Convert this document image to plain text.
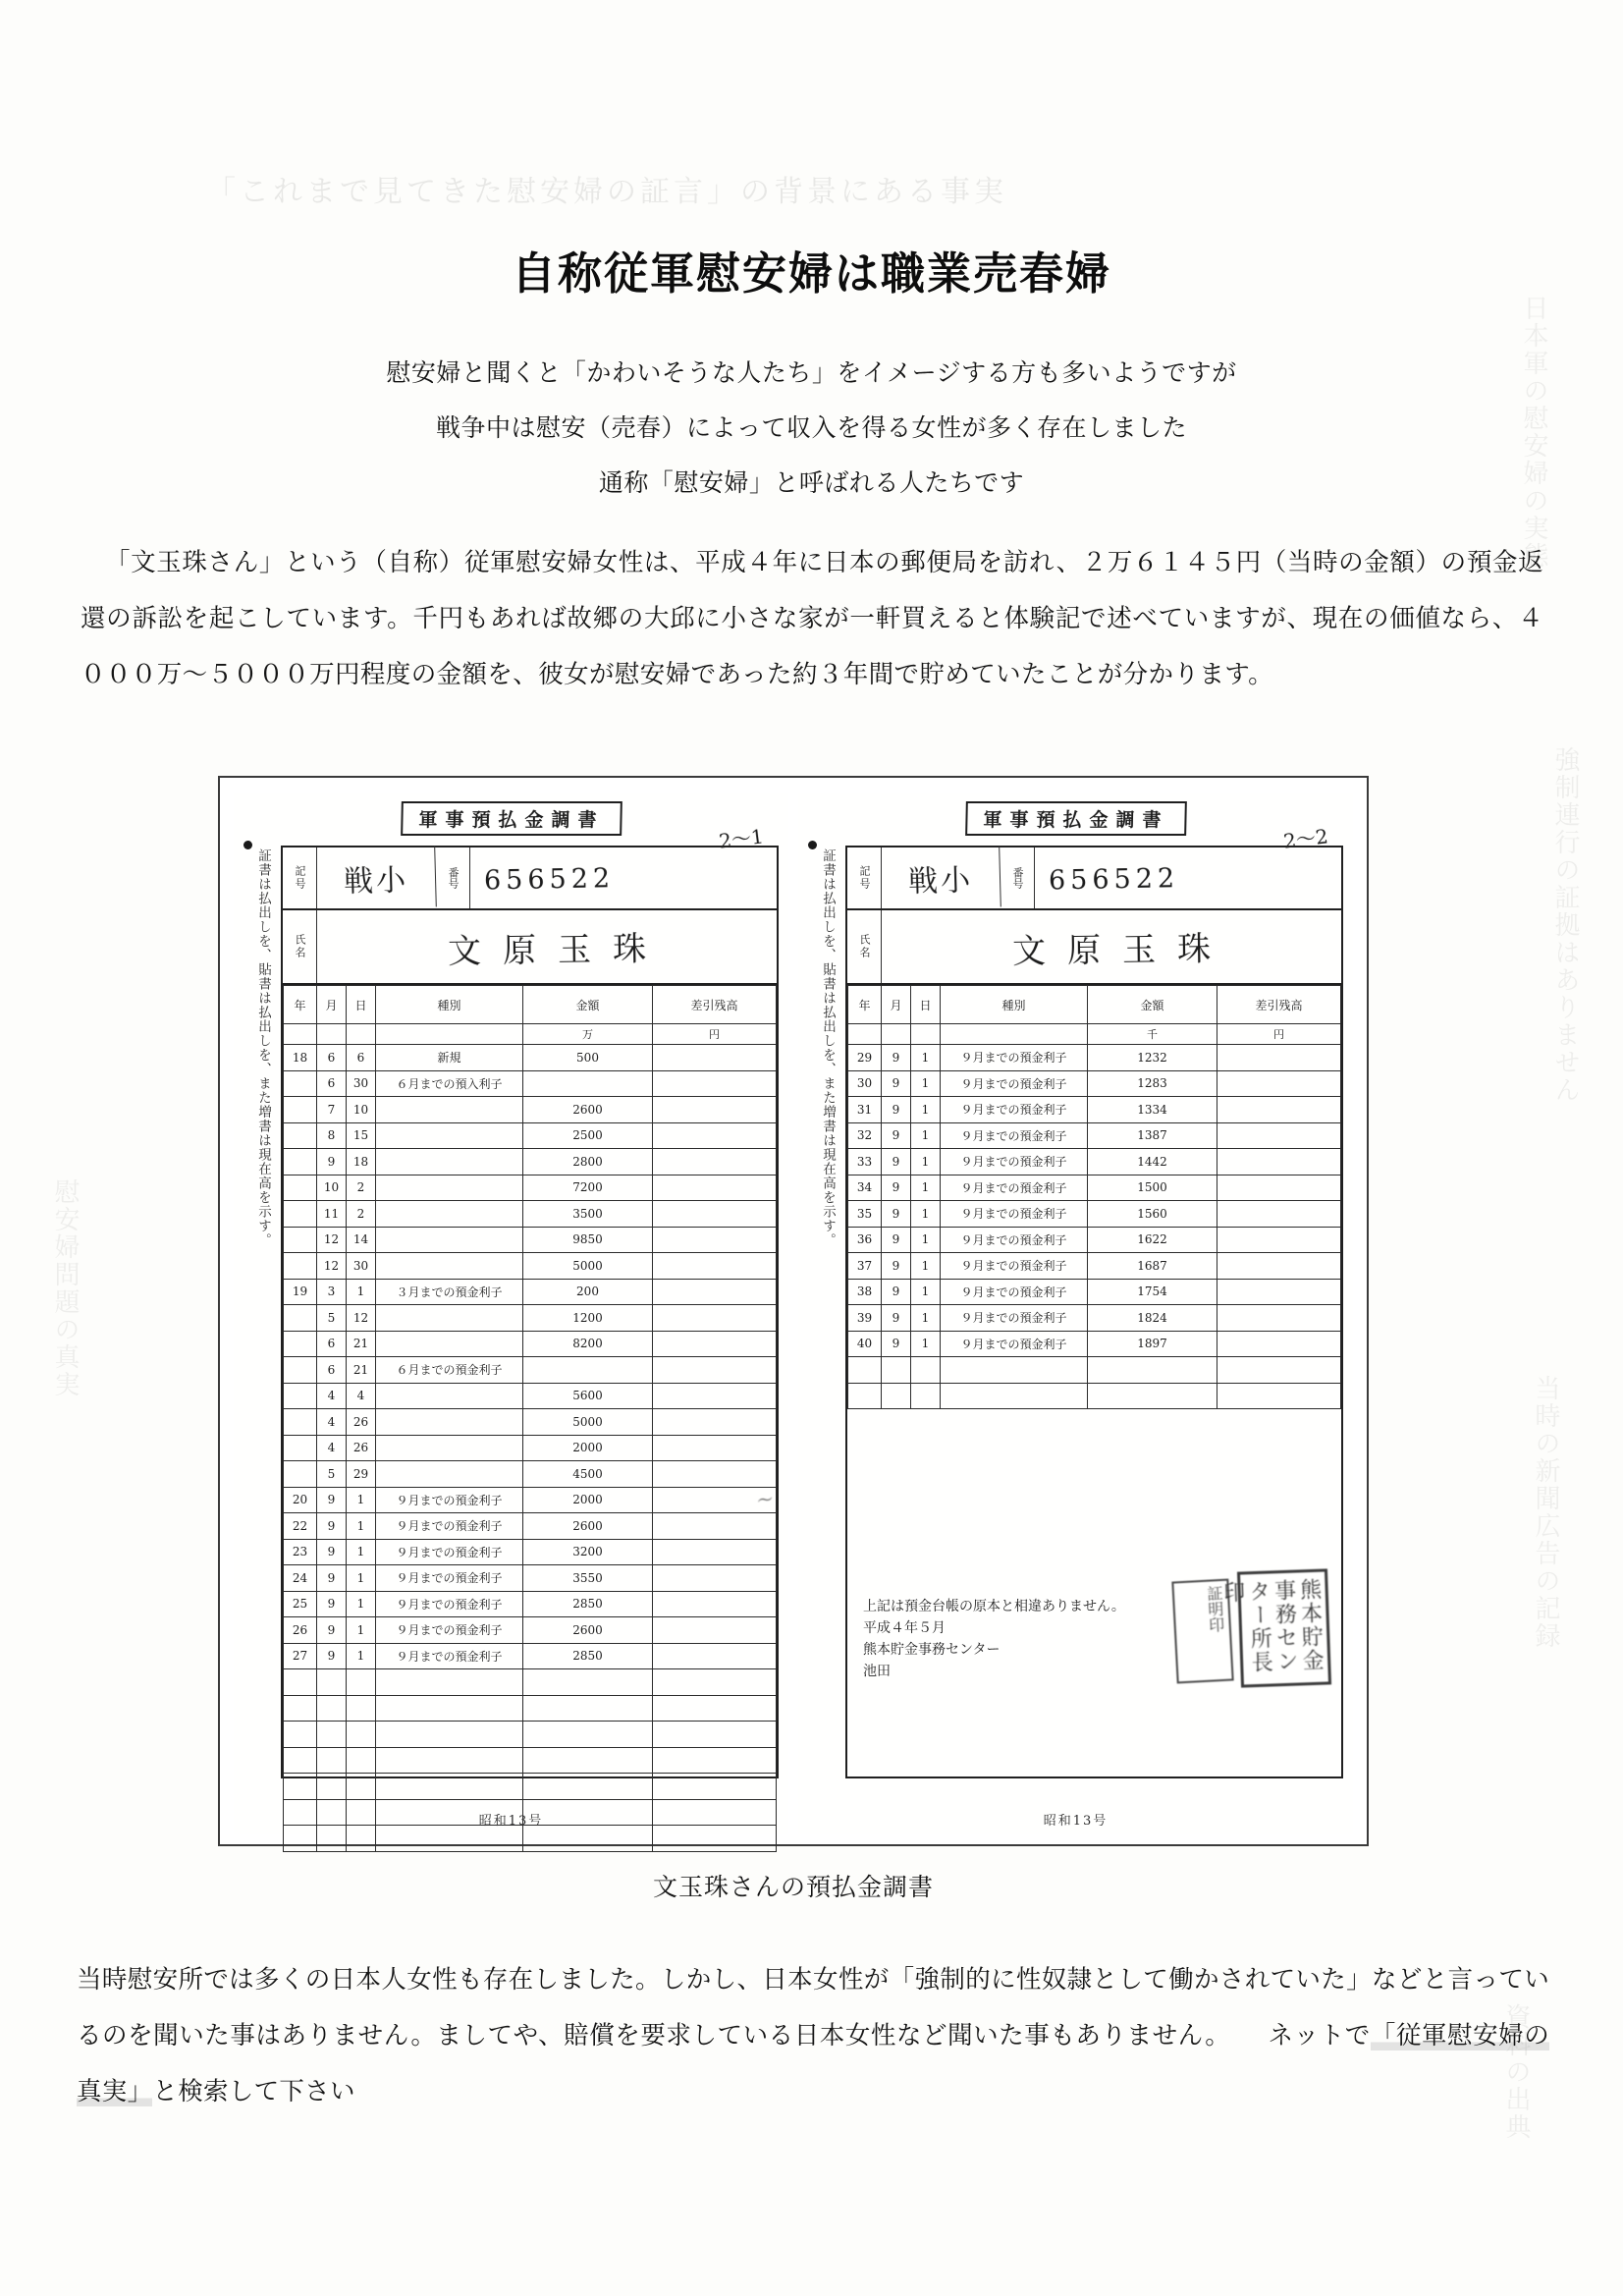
「これまで見てきた慰安婦の証言」の背景にある事実
日本軍の慰安婦の実態
強制連行の証拠はありません
当時の新聞広告の記録
資料の出典
慰安婦問題の真実
自称従軍慰安婦は職業売春婦
慰安婦と聞くと「かわいそうな人たち」をイメージする方も多いようですが
戦争中は慰安（売春）によって収入を得る女性が多く存在しました
通称「慰安婦」と呼ばれる人たちです

「文玉珠さん」という（自称）従軍慰安婦女性は、平成４年に日本の郵便局を訪れ、２万６１４５円（当時の金額）の預金返還の訴訟を起こしています。千円もあれば故郷の大邱に小さな家が一軒買えると体験記で述べていますが、現在の価値なら、４０００万〜５０００万円程度の金額を、彼女が慰安婦であった約３年間で貯めていたことが分かります。

軍事預払金調書
2〜1
証書は払出しを、貼書は払出しを、また増書は現在高を示す。	記号	戦小	番号 656522
氏名	文原玉珠
年	月	日	種別	金額	差引残高
				万	円
18	6	6	新規	500	
	6	30	６月までの預入利子		
	7	10		2600	
	8	15		2500	
	9	18		2800	
	10	2		7200	
	11	2		3500	
	12	14		9850	
	12	30		5000	
19	3	1	３月までの預金利子	200	
	5	12		1200	
	6	21		8200	
	6	21	６月までの預金利子		
	4	4		5600	
	4	26		5000	
	4	26		2000	
	5	29		4500	
20	9	1	９月までの預金利子	2000	
22	9	1	９月までの預金利子	2600	
23	9	1	９月までの預金利子	3200	
24	9	1	９月までの預金利子	3550	
25	9	1	９月までの預金利子	2850	
26	9	1	９月までの預金利子	2600	
27	9	1	９月までの預金利子	2850	

〜
昭和13号
軍事預払金調書
2〜2
証書は払出しを、貼書は払出しを、また増書は現在高を示す。	記号	戦小	番号 656522
氏名	文原玉珠
年	月	日	種別	金額	差引残高
				千	円
29	9	1	９月までの預金利子	1232	
30	9	1	９月までの預金利子	1283	
31	9	1	９月までの預金利子	1334	
32	9	1	９月までの預金利子	1387	
33	9	1	９月までの預金利子	1442	
34	9	1	９月までの預金利子	1500	
35	9	1	９月までの預金利子	1560	
36	9	1	９月までの預金利子	1622	
37	9	1	９月までの預金利子	1687	
38	9	1	９月までの預金利子	1754	
39	9	1	９月までの預金利子	1824	
40	9	1	９月までの預金利子	1897	

上記は預金台帳の原本と相違ありません。
平成４年５月
熊本貯金事務センター
池田	熊本貯金事務センター所長印
証明印
昭和13号
文玉珠さんの預払金調書

当時慰安所では多くの日本人女性も存在しました。しかし、日本女性が「強制的に性奴隷として働かされていた」などと言っているのを聞いた事はありません。ましてや、賠償を要求している日本女性など聞いた事もありません。 ネットで「従軍慰安婦の真実」と検索して下さい
